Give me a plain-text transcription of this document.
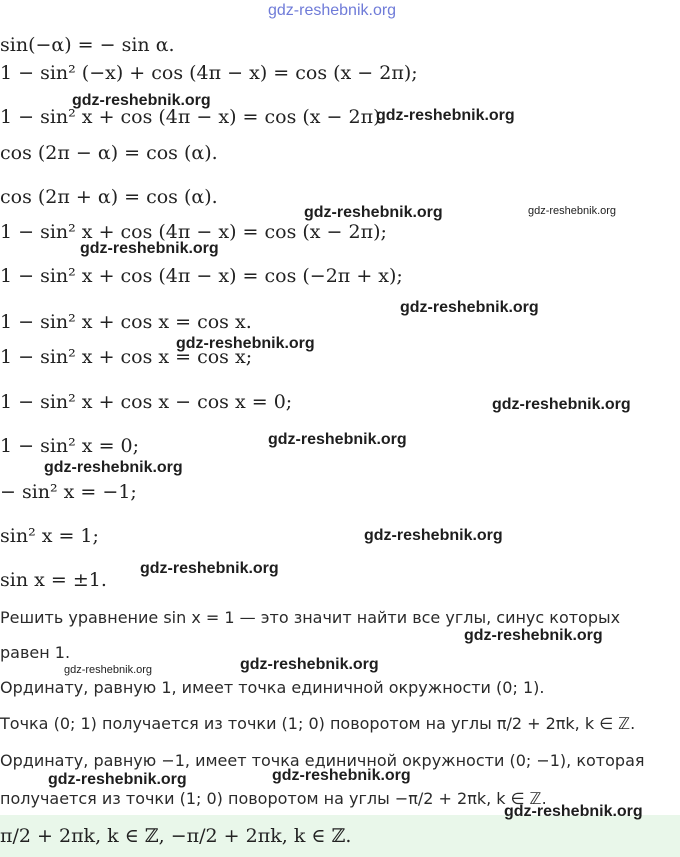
gdz-reshebnik.org
sin(−α) = − sin α.
1 − sin² (−x) + cos (4π − x) = cos (x − 2π);
1 − sin² x + cos (4π − x) = cos (x − 2π).
cos (2π − α) = cos (α).
cos (2π + α) = cos (α).
1 − sin² x + cos (4π − x) = cos (x − 2π);
1 − sin² x + cos (4π − x) = cos (−2π + x);
1 − sin² x + cos x = cos x.
1 − sin² x + cos x = cos x;
1 − sin² x + cos x − cos x = 0;
1 − sin² x = 0;
− sin² x = −1;
sin² x = 1;
sin x = ±1.
Решить уравнение sin x = 1 — это значит найти все углы, синус которых
равен 1.
Ординату, равную 1, имеет точка единичной окружности (0; 1).
Точка (0; 1) получается из точки (1; 0) поворотом на углы π/2 + 2πk, k ∈ ℤ.
Ординату, равную −1, имеет точка единичной окружности (0; −1), которая
получается из точки (1; 0) поворотом на углы −π/2 + 2πk, k ∈ ℤ.
π/2 + 2πk, k ∈ ℤ, −π/2 + 2πk, k ∈ ℤ.
gdz-reshebnik.org
gdz-reshebnik.org
gdz-reshebnik.org	gdz-reshebnik.org
gdz-reshebnik.org
gdz-reshebnik.org
gdz-reshebnik.org
gdz-reshebnik.org
gdz-reshebnik.org
gdz-reshebnik.org
gdz-reshebnik.org
gdz-reshebnik.org
gdz-reshebnik.org
gdz-reshebnik.org
gdz-reshebnik.org
gdz-reshebnik.org	gdz-reshebnik.org
gdz-reshebnik.org
